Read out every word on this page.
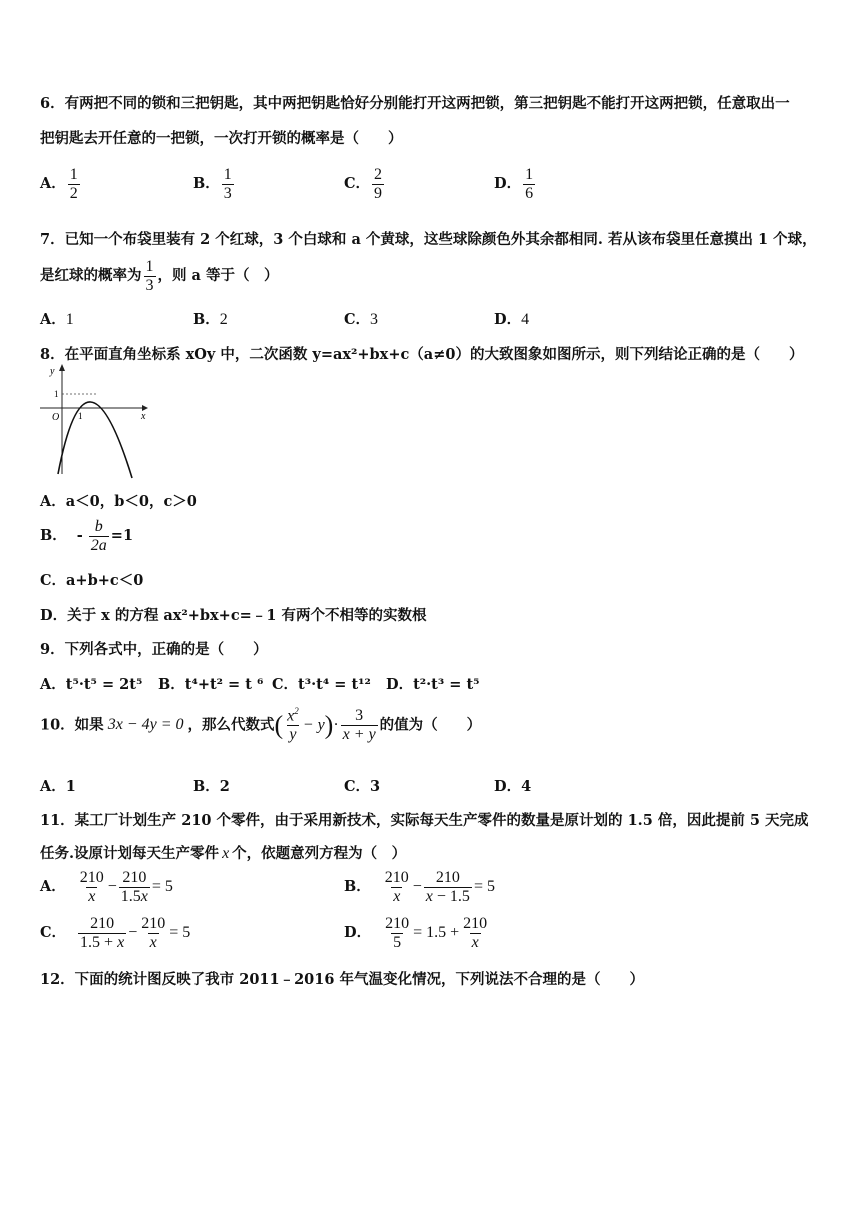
6．有两把不同的锁和三把钥匙，其中两把钥匙恰好分别能打开这两把锁，第三把钥匙不能打开这两把锁，任意取出一
把钥匙去开任意的一把锁，一次打开锁的概率是（　　）
A． $\frac{1}{2}$	B． $\frac{1}{3}$	C． $\frac{2}{9}$	D． $\frac{1}{6}$
7．已知一个布袋里装有 2 个红球，3 个白球和 a 个黄球，这些球除颜色外其余都相同. 若从该布袋里任意摸出 1 个球，
是红球的概率为 $\frac{1}{3}$ ，则 a 等于（　）
A．1	B．2	C．3	D．4
8．在平面直角坐标系 xOy 中，二次函数 y=ax²+bx+c（a≠0）的大致图象如图所示，则下列结论正确的是（　　）
y
x
O
1
1
A．a＜0，b＜0，c＞0
B． - $\frac{b}{2a} =1$
C．a+b+c＜0
D．关于 x 的方程 ax²+bx+c=﹣1 有两个不相等的实数根
9．下列各式中，正确的是（　　）
A．t⁵·t⁵ = 2t⁵ B．t⁴+t² = t ⁶ C．t³·t⁴ = t¹² D．t²·t³ = t⁵
10．如果 3x − 4y = 0 ，那么代数式( $\frac{x^2}{y} - y)\cdot \frac{3}{x + y}$ 的值为（　　）
A．1	B．2	C．3	D．4
11．某工厂计划生产 210 个零件，由于采用新技术，实际每天生产零件的数量是原计划的 1.5 倍，因此提前 5 天完成
任务.设原计划每天生产零件 x 个，依题意列方程为（　）
A． $\frac{210}{x} - \frac{210}{1.5x} = 5$	B． $\frac{210}{x} - \frac{210}{x - 1.5} = 5$
C． $\frac{210}{1.5 + x} - \frac{210}{x} = 5$	D． $\frac{210}{5} = 1.5 + \frac{210}{x}$
12．下面的统计图反映了我市 2011﹣2016 年气温变化情况，下列说法不合理的是（　　）
